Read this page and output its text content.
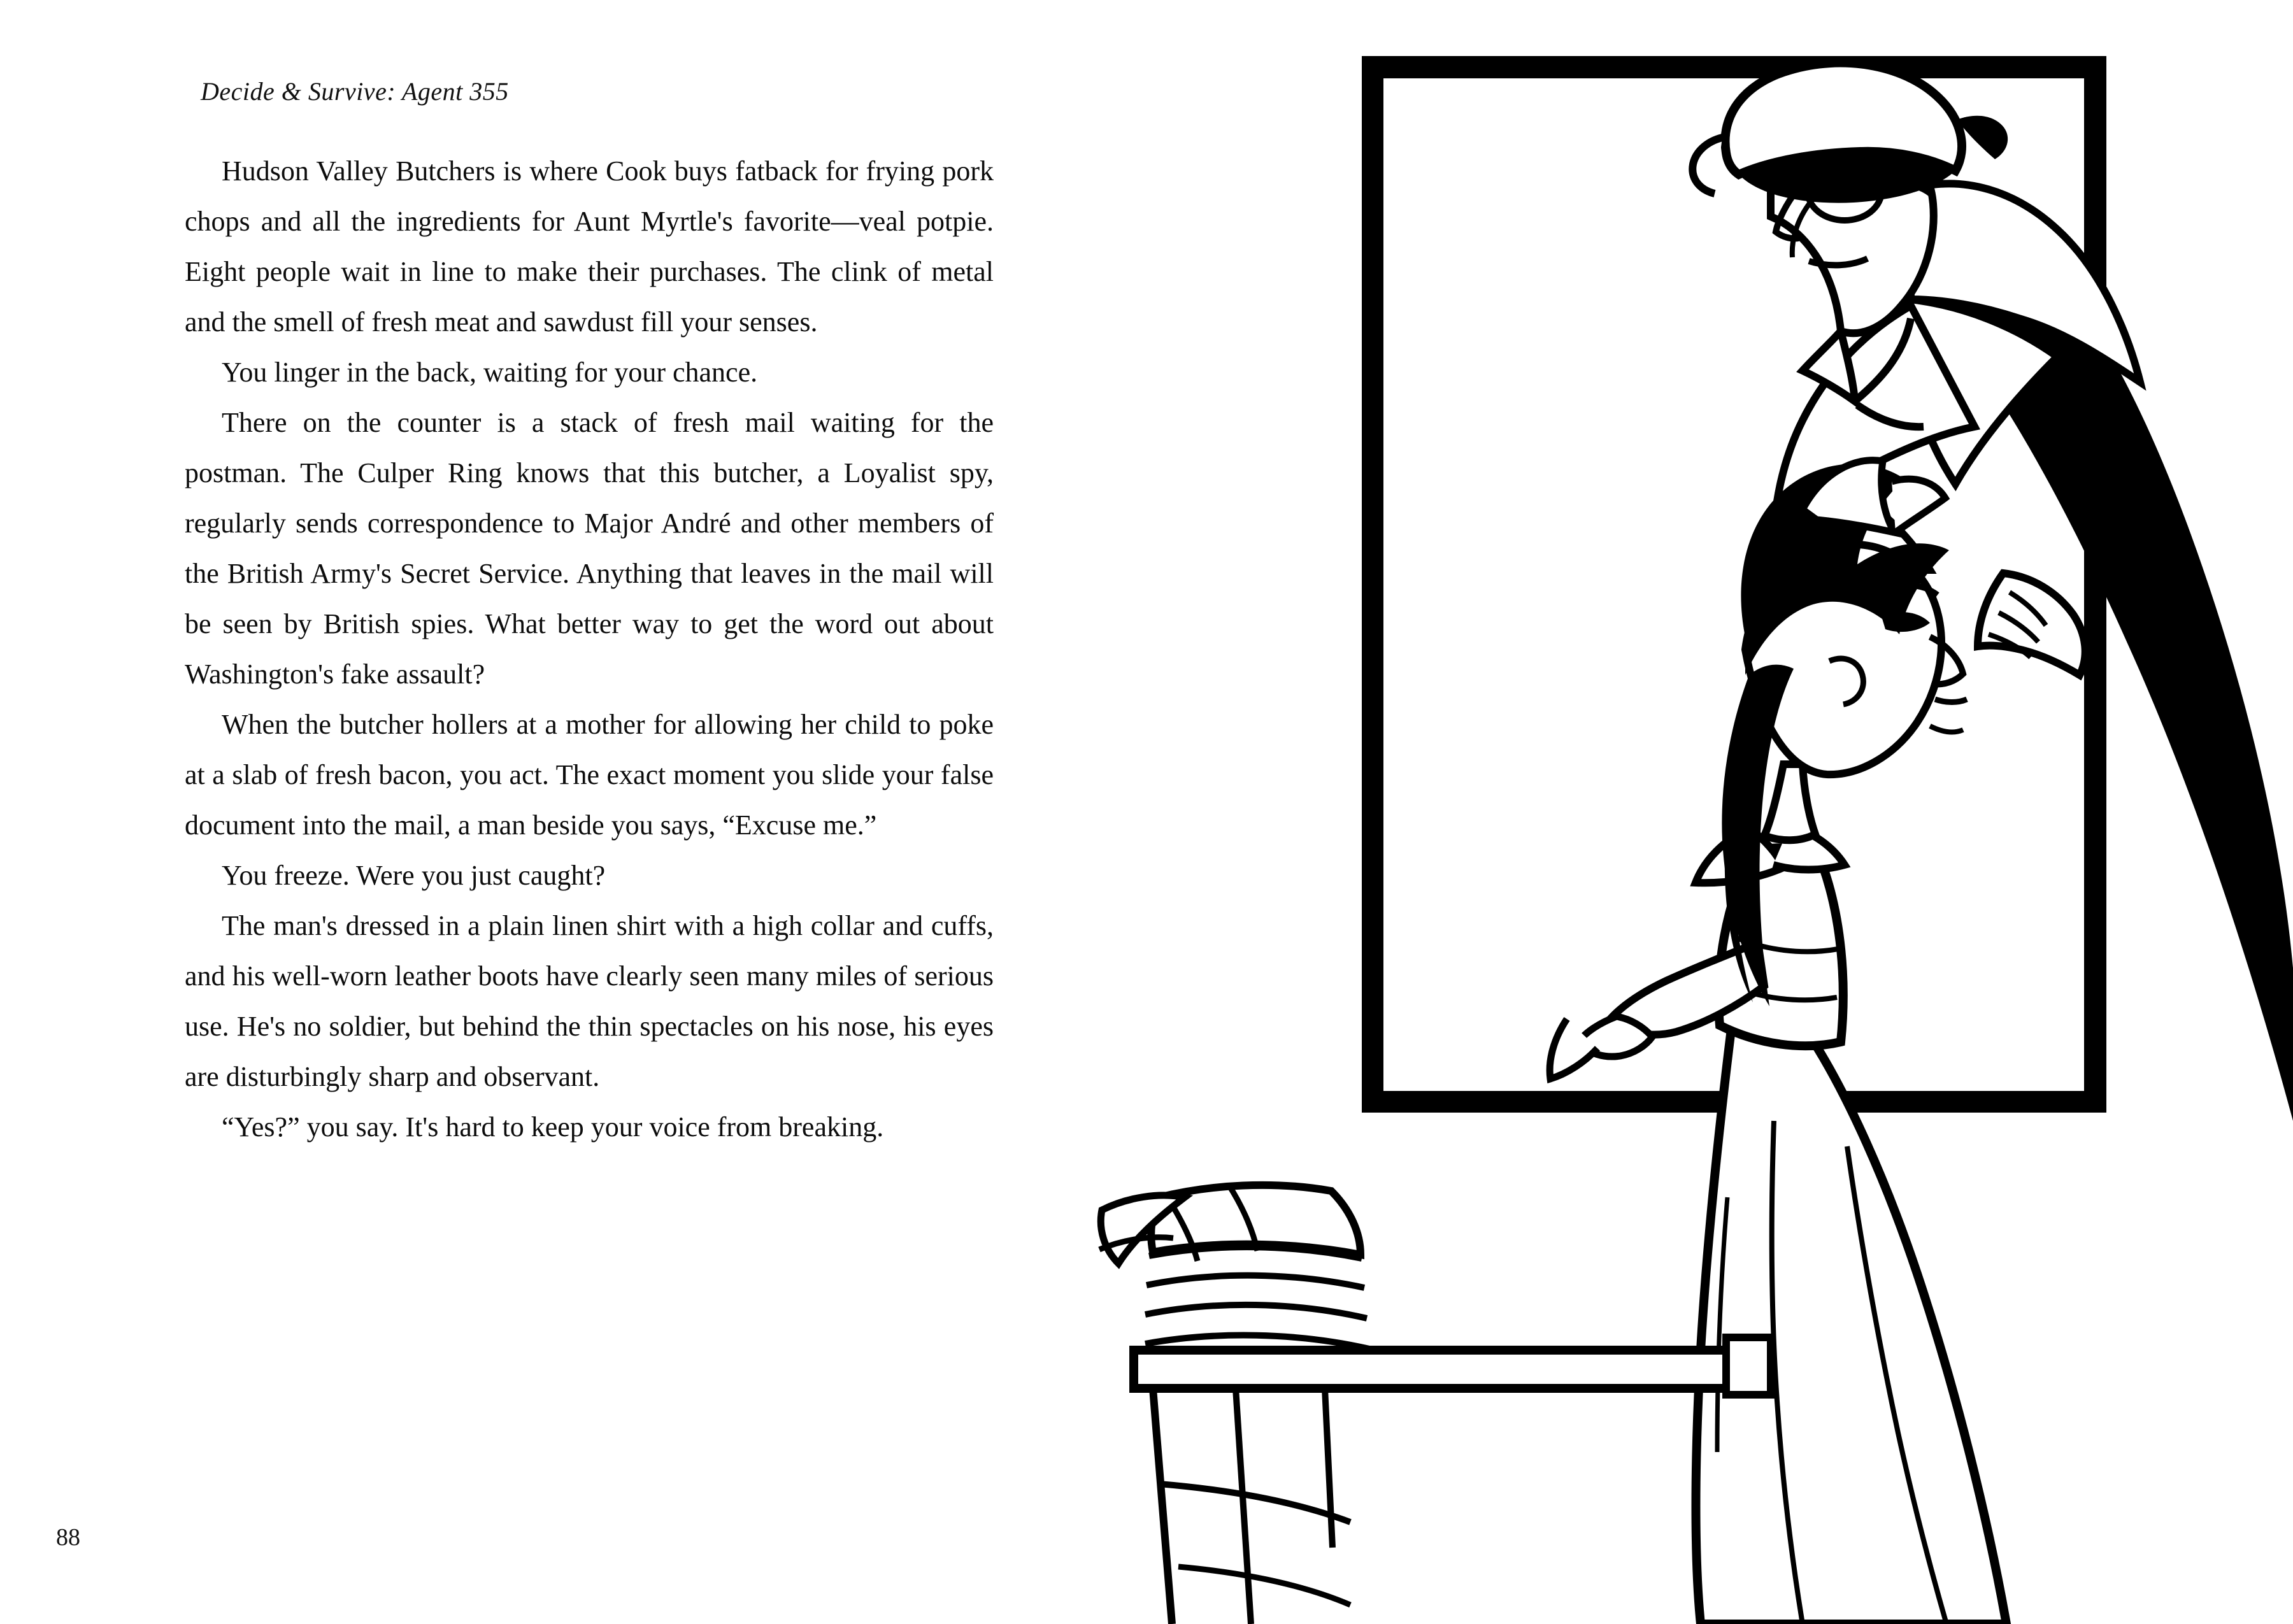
Decide & Survive: Agent 355

Hudson Valley Butchers is where Cook buys fatback for frying pork chops and all the ingredients for Aunt Myrtle's favorite—veal potpie. Eight people wait in line to make their purchases. The clink of metal and the smell of fresh meat and sawdust fill your senses.

You linger in the back, waiting for your chance.

There on the counter is a stack of fresh mail waiting for the postman. The Culper Ring knows that this butcher, a Loyalist spy, regularly sends correspondence to Major André and other members of the British Army's Secret Service. Anything that leaves in the mail will be seen by British spies. What better way to get the word out about Washington's fake assault?

When the butcher hollers at a mother for allowing her child to poke at a slab of fresh bacon, you act. The exact moment you slide your false document into the mail, a man beside you says, “Excuse me.”

You freeze. Were you just caught?

The man's dressed in a plain linen shirt with a high collar and cuffs, and his well-worn leather boots have clearly seen many miles of serious use. He's no soldier, but behind the thin spectacles on his nose, his eyes are disturbingly sharp and observant.

“Yes?” you say. It's hard to keep your voice from breaking.

88
